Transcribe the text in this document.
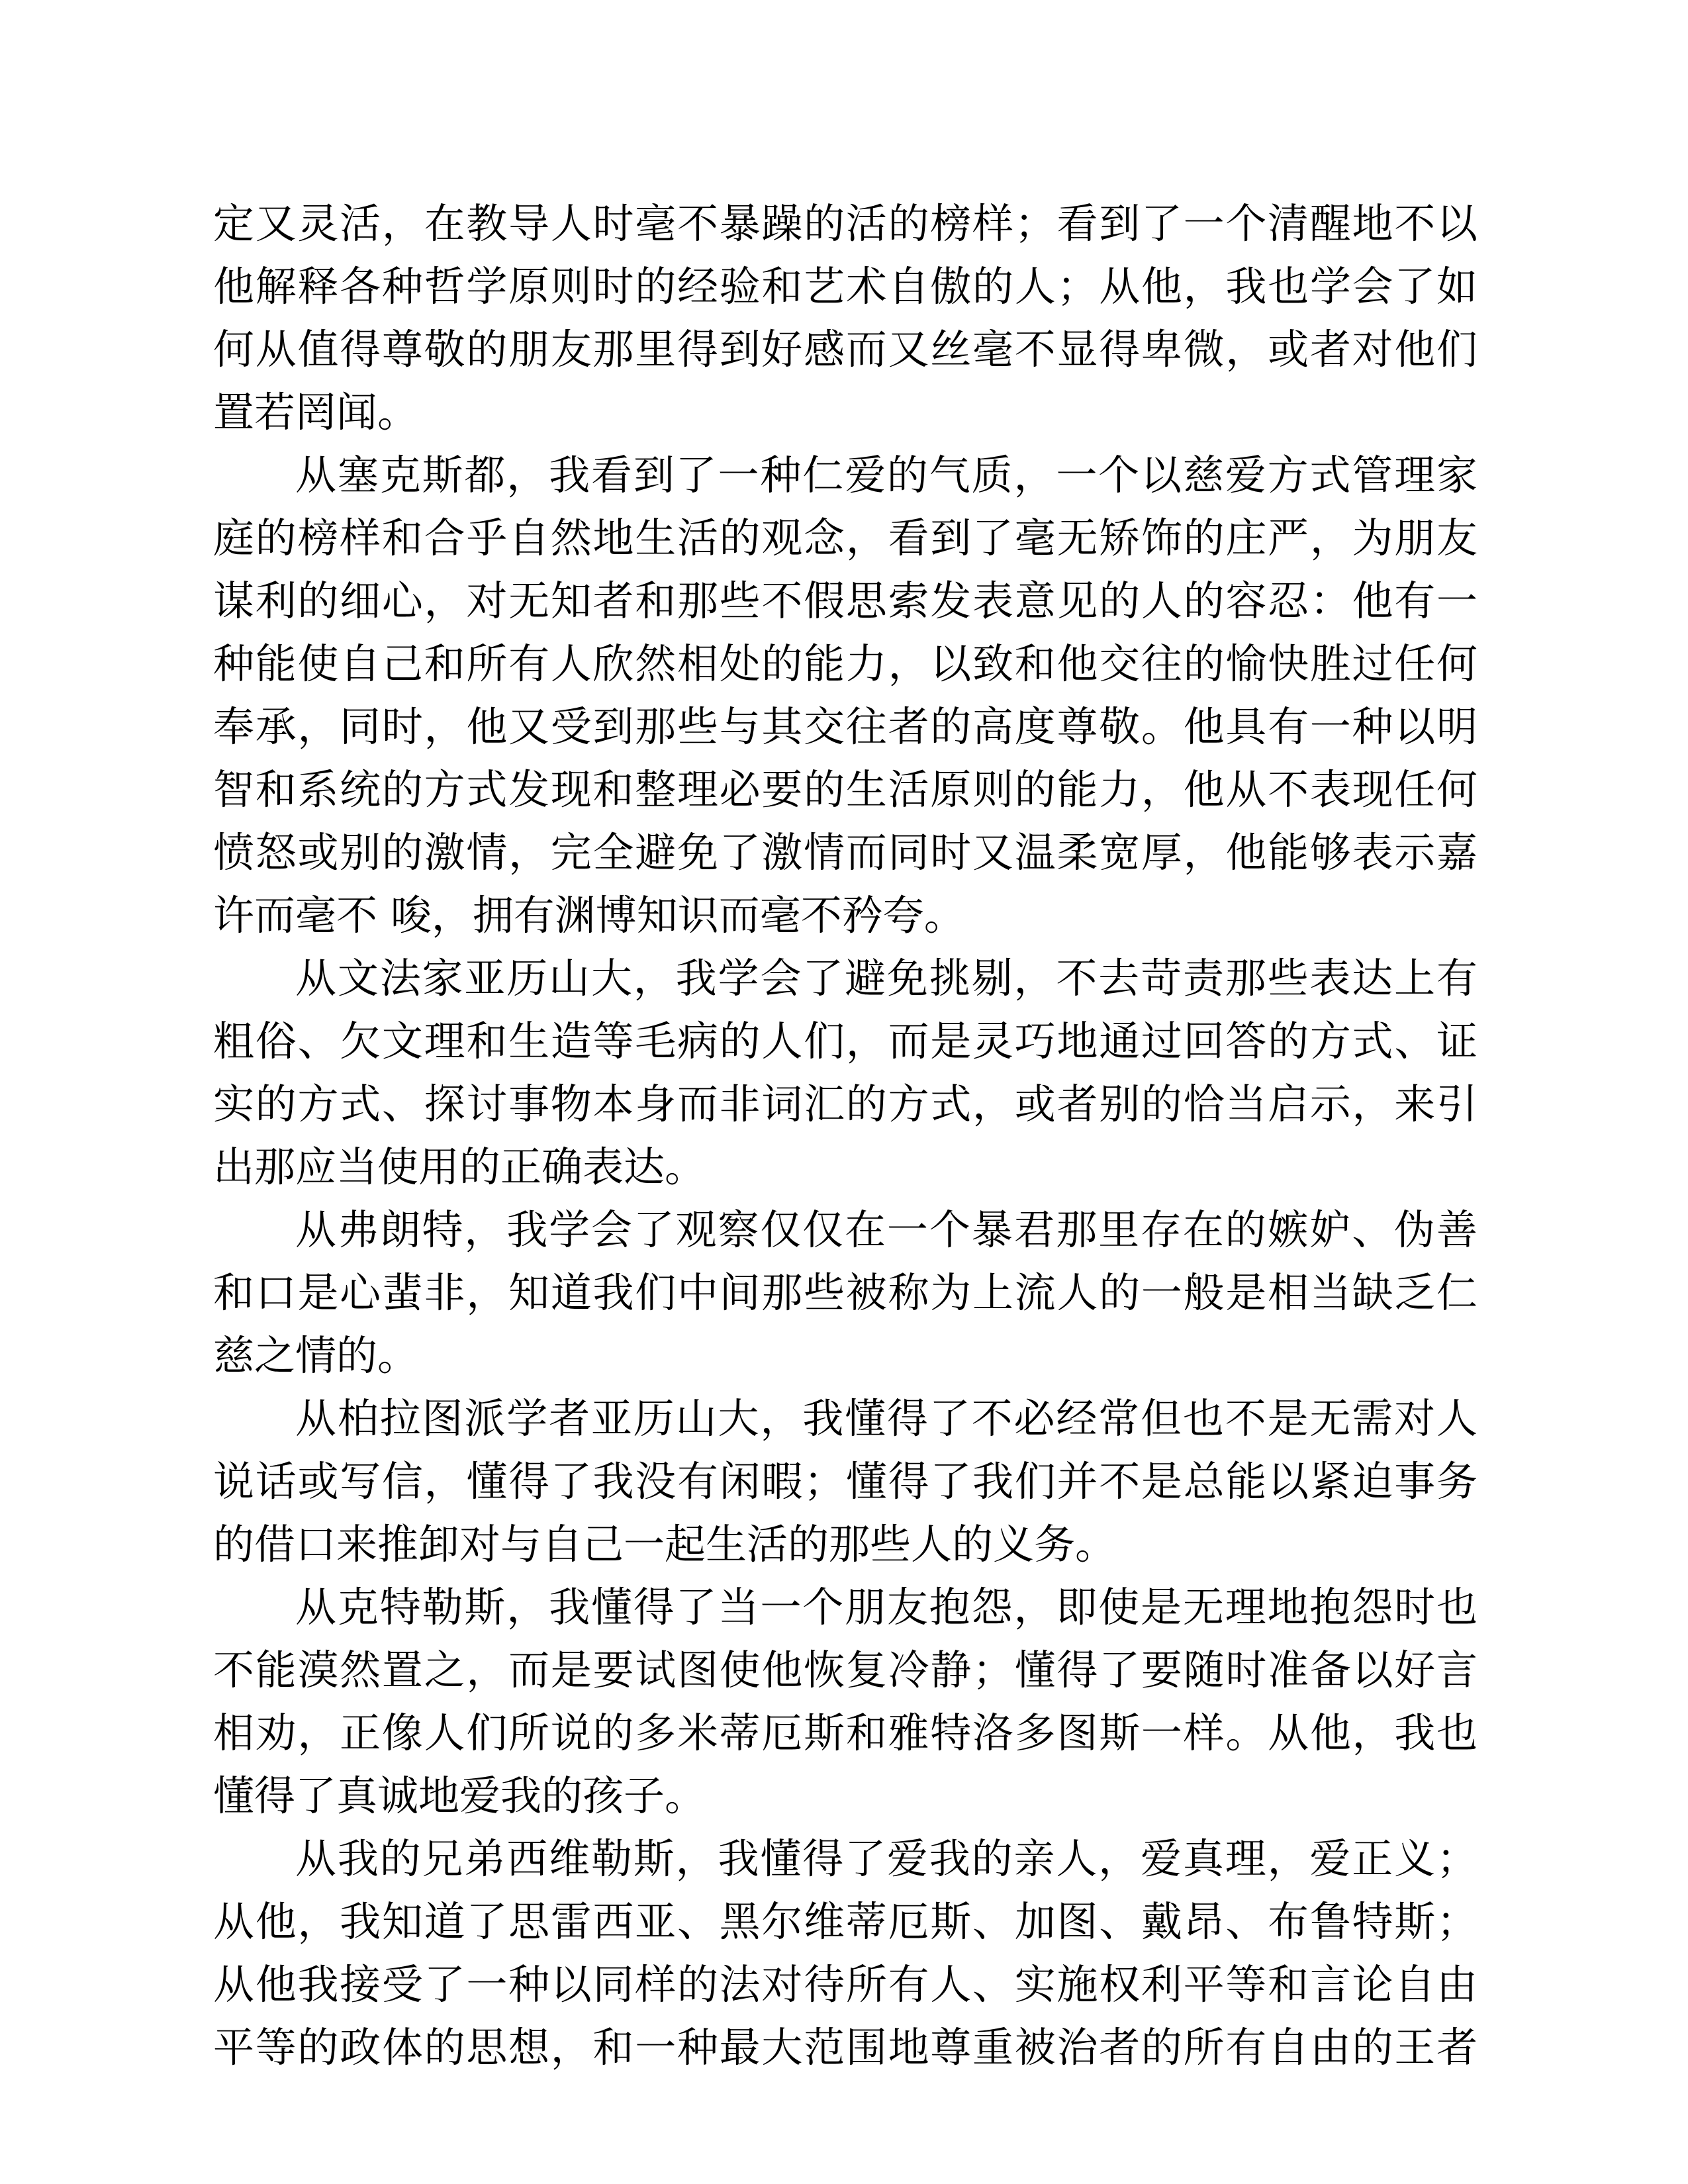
定又灵活，在教导人时毫不暴躁的活的榜样；看到了一个清醒地不以
他解释各种哲学原则时的经验和艺术自傲的人；从他，我也学会了如
何从值得尊敬的朋友那里得到好感而又丝毫不显得卑微，或者对他们
置若罔闻。
从塞克斯都，我看到了一种仁爱的气质，一个以慈爱方式管理家
庭的榜样和合乎自然地生活的观念，看到了毫无矫饰的庄严，为朋友
谋利的细心，对无知者和那些不假思索发表意见的人的容忍：他有一
种能使自己和所有人欣然相处的能力，以致和他交往的愉快胜过任何
奉承，同时，他又受到那些与其交往者的高度尊敬。他具有一种以明
智和系统的方式发现和整理必要的生活原则的能力，他从不表现任何
愤怒或别的激情，完全避免了激情而同时又温柔宽厚，他能够表示嘉
许而毫不 唆，拥有渊博知识而毫不矜夸。
从文法家亚历山大，我学会了避免挑剔，不去苛责那些表达上有
粗俗、欠文理和生造等毛病的人们，而是灵巧地通过回答的方式、证
实的方式、探讨事物本身而非词汇的方式，或者别的恰当启示，来引
出那应当使用的正确表达。
从弗朗特，我学会了观察仅仅在一个暴君那里存在的嫉妒、伪善
和口是心蜚非，知道我们中间那些被称为上流人的一般是相当缺乏仁
慈之情的。
从柏拉图派学者亚历山大，我懂得了不必经常但也不是无需对人
说话或写信，懂得了我没有闲暇；懂得了我们并不是总能以紧迫事务
的借口来推卸对与自己一起生活的那些人的义务。
从克特勒斯，我懂得了当一个朋友抱怨，即使是无理地抱怨时也
不能漠然置之，而是要试图使他恢复冷静；懂得了要随时准备以好言
相劝，正像人们所说的多米蒂厄斯和雅特洛多图斯一样。从他，我也
懂得了真诚地爱我的孩子。
从我的兄弟西维勒斯，我懂得了爱我的亲人，爱真理，爱正义；
从他，我知道了思雷西亚、黑尔维蒂厄斯、加图、戴昂、布鲁特斯；
从他我接受了一种以同样的法对待所有人、实施权利平等和言论自由
平等的政体的思想，和一种最大范围地尊重被治者的所有自由的王者
